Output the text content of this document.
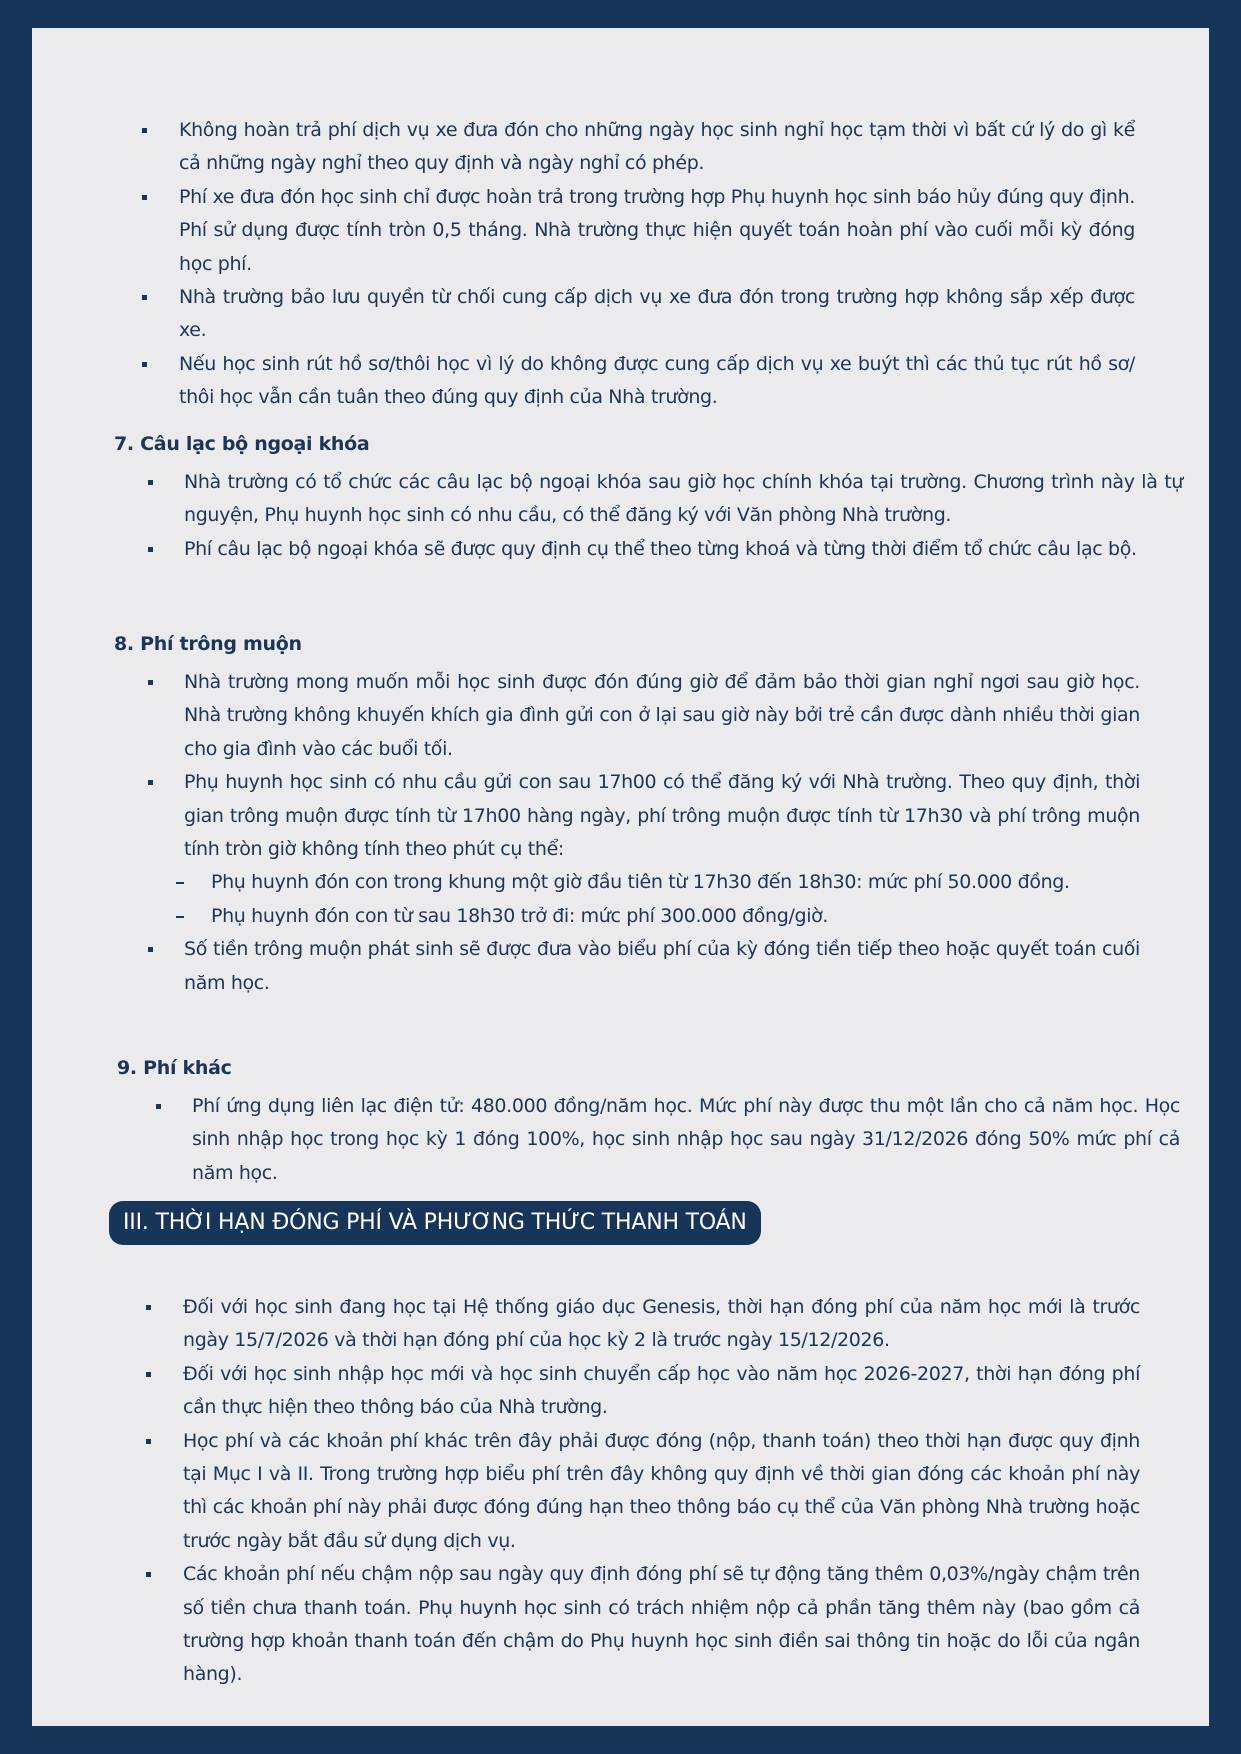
Không hoàn trả phí dịch vụ xe đưa đón cho những ngày học sinh nghỉ học tạm thời vì bất cứ lý do gì kể cả những ngày nghỉ theo quy định và ngày nghỉ có phép.
Phí xe đưa đón học sinh chỉ được hoàn trả trong trường hợp Phụ huynh học sinh báo hủy đúng quy định. Phí sử dụng được tính tròn 0,5 tháng. Nhà trường thực hiện quyết toán hoàn phí vào cuối mỗi kỳ đóng học phí.
Nhà trường bảo lưu quyền từ chối cung cấp dịch vụ xe đưa đón trong trường hợp không sắp xếp được xe.
Nếu học sinh rút hồ sơ/thôi học vì lý do không được cung cấp dịch vụ xe buýt thì các thủ tục rút hồ sơ/ thôi học vẫn cần tuân theo đúng quy định của Nhà trường.
7. Câu lạc bộ ngoại khóa
Nhà trường có tổ chức các câu lạc bộ ngoại khóa sau giờ học chính khóa tại trường. Chương trình này là tự nguyện, Phụ huynh học sinh có nhu cầu, có thể đăng ký với Văn phòng Nhà trường.
Phí câu lạc bộ ngoại khóa sẽ được quy định cụ thể theo từng khoá và từng thời điểm tổ chức câu lạc bộ.
8. Phí trông muộn
Nhà trường mong muốn mỗi học sinh được đón đúng giờ để đảm bảo thời gian nghỉ ngơi sau giờ học. Nhà trường không khuyến khích gia đình gửi con ở lại sau giờ này bởi trẻ cần được dành nhiều thời gian cho gia đình vào các buổi tối.
Phụ huynh học sinh có nhu cầu gửi con sau 17h00 có thể đăng ký với Nhà trường. Theo quy định, thời gian trông muộn được tính từ 17h00 hàng ngày, phí trông muộn được tính từ 17h30 và phí trông muộn tính tròn giờ không tính theo phút cụ thể:
Phụ huynh đón con trong khung một giờ đầu tiên từ 17h30 đến 18h30: mức phí 50.000 đồng.
Phụ huynh đón con từ sau 18h30 trở đi: mức phí 300.000 đồng/giờ.
Số tiền trông muộn phát sinh sẽ được đưa vào biểu phí của kỳ đóng tiền tiếp theo hoặc quyết toán cuối năm học.
9. Phí khác
Phí ứng dụng liên lạc điện tử: 480.000 đồng/năm học. Mức phí này được thu một lần cho cả năm học. Học sinh nhập học trong học kỳ 1 đóng 100%, học sinh nhập học sau ngày 31/12/2026 đóng 50% mức phí cả năm học.
III. THỜI HẠN ĐÓNG PHÍ VÀ PHƯƠNG THỨC THANH TOÁN
Đối với học sinh đang học tại Hệ thống giáo dục Genesis, thời hạn đóng phí của năm học mới là trước ngày 15/7/2026 và thời hạn đóng phí của học kỳ 2 là trước ngày 15/12/2026.
Đối với học sinh nhập học mới và học sinh chuyển cấp học vào năm học 2026-2027, thời hạn đóng phí cần thực hiện theo thông báo của Nhà trường.
Học phí và các khoản phí khác trên đây phải được đóng (nộp, thanh toán) theo thời hạn được quy định tại Mục I và II. Trong trường hợp biểu phí trên đây không quy định về thời gian đóng các khoản phí này thì các khoản phí này phải được đóng đúng hạn theo thông báo cụ thể của Văn phòng Nhà trường hoặc trước ngày bắt đầu sử dụng dịch vụ.
Các khoản phí nếu chậm nộp sau ngày quy định đóng phí sẽ tự động tăng thêm 0,03%/ngày chậm trên số tiền chưa thanh toán. Phụ huynh học sinh có trách nhiệm nộp cả phần tăng thêm này (bao gồm cả trường hợp khoản thanh toán đến chậm do Phụ huynh học sinh điền sai thông tin hoặc do lỗi của ngân hàng).
